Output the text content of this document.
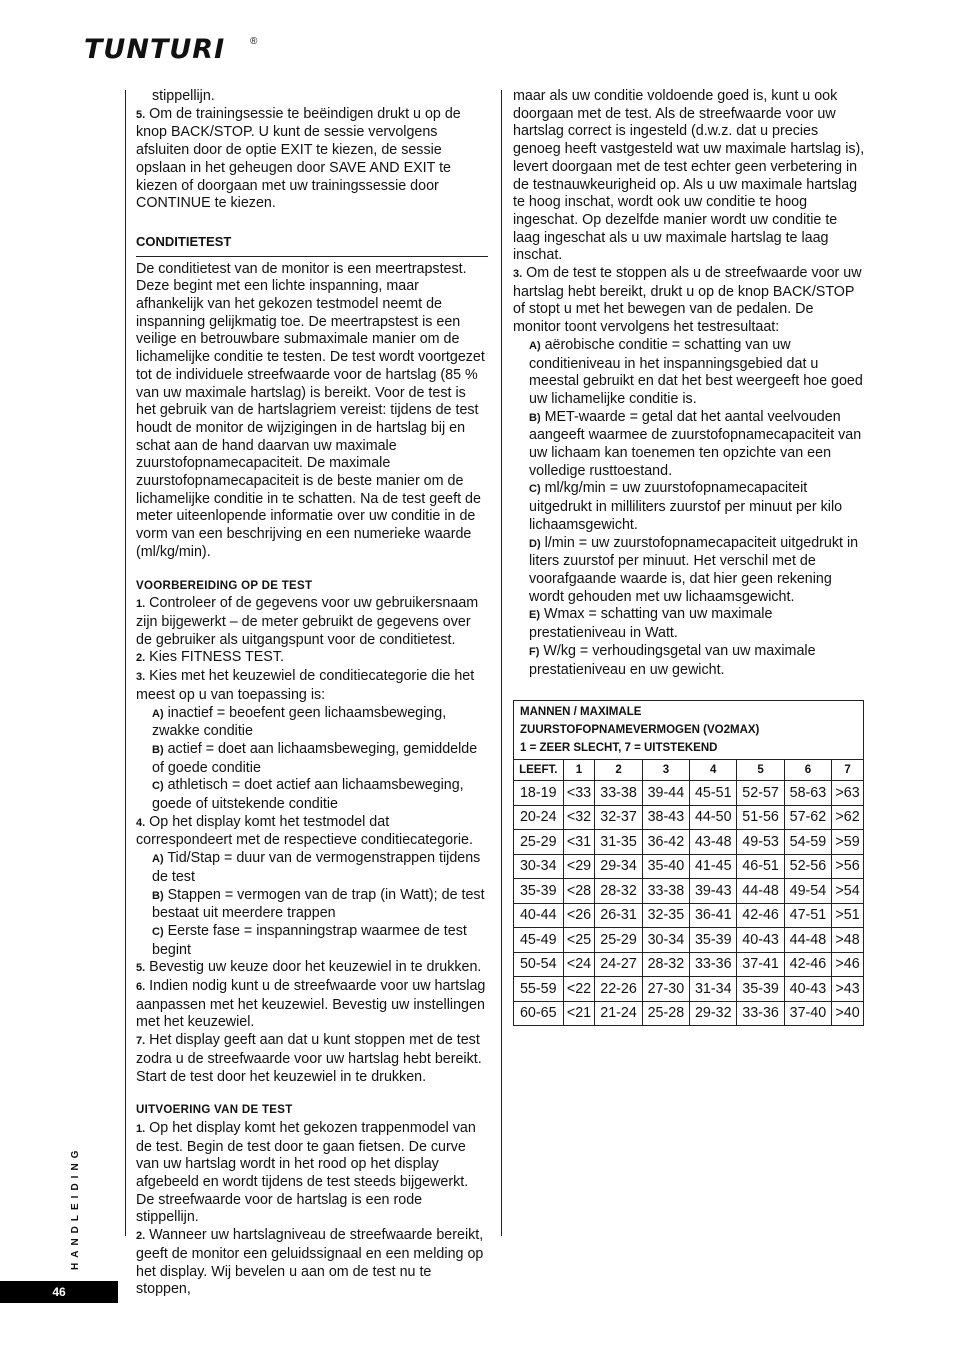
TUNTURI ®

stippellijn.

5. Om de trainingsessie te beëindigen drukt u op de knop BACK/STOP. U kunt de sessie vervolgens afsluiten door de optie EXIT te kiezen, de sessie opslaan in het geheugen door SAVE AND EXIT te kiezen of doorgaan met uw trainingssessie door CONTINUE te kiezen.

CONDITIETEST

De conditietest van de monitor is een meertrapstest. Deze begint met een lichte inspanning, maar afhankelijk van het gekozen testmodel neemt de inspanning gelijkmatig toe. De meertrapstest is een veilige en betrouwbare submaximale manier om de lichamelijke conditie te testen. De test wordt voortgezet tot de individuele streefwaarde voor de hartslag (85 % van uw maximale hartslag) is bereikt. Voor de test is het gebruik van de hartslagriem vereist: tijdens de test houdt de monitor de wijzigingen in de hartslag bij en schat aan de hand daarvan uw maximale zuurstofopnamecapaciteit. De maximale zuurstofopnamecapaciteit is de beste manier om de lichamelijke conditie in te schatten. Na de test geeft de meter uiteenlopende informatie over uw conditie in de vorm van een beschrijving en een numerieke waarde (ml/kg/min).

VOORBEREIDING OP DE TEST

1. Controleer of de gegevens voor uw gebruikersnaam zijn bijgewerkt – de meter gebruikt de gegevens over de gebruiker als uitgangspunt voor de conditietest.

2. Kies FITNESS TEST.

3. Kies met het keuzewiel de conditiecategorie die het meest op u van toepassing is:

A) inactief = beoefent geen lichaamsbeweging, zwakke conditie

B) actief = doet aan lichaamsbeweging, gemiddelde of goede conditie

C) athletisch = doet actief aan lichaamsbeweging, goede of uitstekende conditie

4. Op het display komt het testmodel dat correspondeert met de respectieve conditiecategorie.

A) Tid/Stap = duur van de vermogenstrappen tijdens de test

B) Stappen = vermogen van de trap (in Watt); de test bestaat uit meerdere trappen

C) Eerste fase = inspanningstrap waarmee de test begint

5. Bevestig uw keuze door het keuzewiel in te drukken.

6. Indien nodig kunt u de streefwaarde voor uw hartslag aanpassen met het keuzewiel. Bevestig uw instellingen met het keuzewiel.

7. Het display geeft aan dat u kunt stoppen met de test zodra u de streefwaarde voor uw hartslag hebt bereikt. Start de test door het keuzewiel in te drukken.

UITVOERING VAN DE TEST

1. Op het display komt het gekozen trappenmodel van de test. Begin de test door te gaan fietsen. De curve van uw hartslag wordt in het rood op het display afgebeeld en wordt tijdens de test steeds bijgewerkt. De streefwaarde voor de hartslag is een rode stippellijn.

2. Wanneer uw hartslagniveau de streefwaarde bereikt, geeft de monitor een geluidssignaal en een melding op het display. Wij bevelen u aan om de test nu te stoppen,

maar als uw conditie voldoende goed is, kunt u ook doorgaan met de test. Als de streefwaarde voor uw hartslag correct is ingesteld (d.w.z. dat u precies genoeg heeft vastgesteld wat uw maximale hartslag is), levert doorgaan met de test echter geen verbetering in de testnauwkeurigheid op. Als u uw maximale hartslag te hoog inschat, wordt ook uw conditie te hoog ingeschat. Op dezelfde manier wordt uw conditie te laag ingeschat als u uw maximale hartslag te laag inschat.

3. Om de test te stoppen als u de streefwaarde voor uw hartslag hebt bereikt, drukt u op de knop BACK/STOP of stopt u met het bewegen van de pedalen. De monitor toont vervolgens het testresultaat:

A) aërobische conditie = schatting van uw conditieniveau in het inspanningsgebied dat u meestal gebruikt en dat het best weergeeft hoe goed uw lichamelijke conditie is.

B) MET-waarde = getal dat het aantal veelvouden aangeeft waarmee de zuurstofopnamecapaciteit van uw lichaam kan toenemen ten opzichte van een volledige rusttoestand.

C) ml/kg/min = uw zuurstofopnamecapaciteit uitgedrukt in milliliters zuurstof per minuut per kilo lichaamsgewicht.

D) l/min = uw zuurstofopnamecapaciteit uitgedrukt in liters zuurstof per minuut. Het verschil met de voorafgaande waarde is, dat hier geen rekening wordt gehouden met uw lichaamsgewicht.

E) Wmax = schatting van uw maximale prestatieniveau in Watt.

F) W/kg = verhoudingsgetal van uw maximale prestatieniveau en uw gewicht.

MANNEN / MAXIMALE
ZUURSTOFOPNAMEVERMOGEN (VO2MAX)
1 = ZEER SLECHT, 7 = UITSTEKEND							

LEEFT.	1	2	3	4	5	6	7
18-19	<33	33-38	39-44	45-51	52-57	58-63	>63
20-24	<32	32-37	38-43	44-50	51-56	57-62	>62
25-29	<31	31-35	36-42	43-48	49-53	54-59	>59
30-34	<29	29-34	35-40	41-45	46-51	52-56	>56
35-39	<28	28-32	33-38	39-43	44-48	49-54	>54
40-44	<26	26-31	32-35	36-41	42-46	47-51	>51
45-49	<25	25-29	30-34	35-39	40-43	44-48	>48
50-54	<24	24-27	28-32	33-36	37-41	42-46	>46
55-59	<22	22-26	27-30	31-34	35-39	40-43	>43
60-65	<21	21-24	25-28	29-32	33-36	37-40	>40
HANDLEIDING
46
